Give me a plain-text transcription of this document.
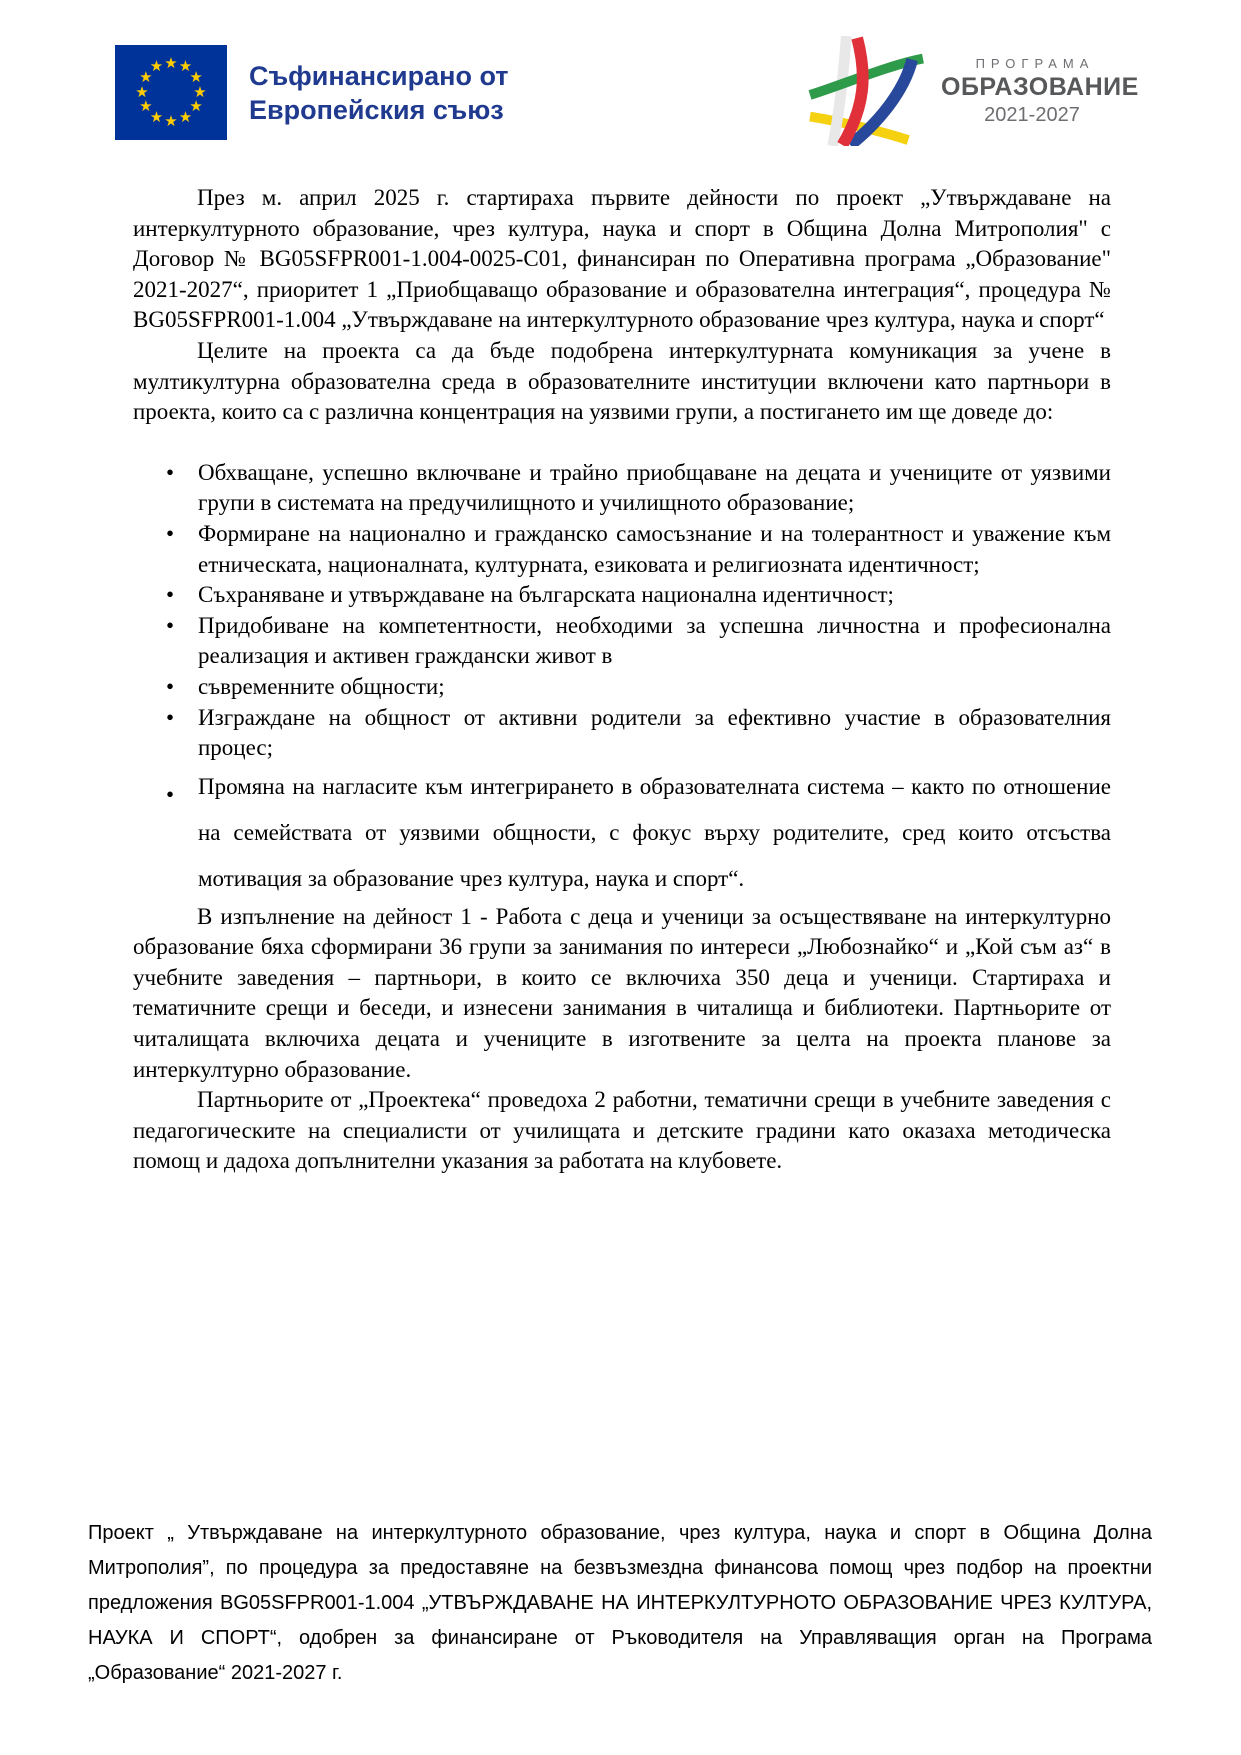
★ ★
★
★
★
★
★
★
★
★
★
★	Съфинансирано от
Европейския съюз
ПРОГРАМА
ОБРАЗОВАНИЕ
2021-2027

През м. април 2025 г. стартираха първите дейности по проект „Утвърждаване на интеркултурното образование, чрез култура, наука и спорт в Община Долна Митрополия" с Договор № BG05SFPR001-1.004-0025-C01, финансиран по Оперативна програма „Образование" 2021-2027“, приоритет 1 „Приобщаващо образование и образователна интеграция“, процедура № BG05SFPR001-1.004 „Утвърждаване на интеркултурното образование чрез култура, наука и спорт“

Целите на проекта са да бъде подобрена интеркултурната комуникация за учене в мултикултурна образователна среда в образователните институции включени като партньори в проекта, които са с различна концентрация на уязвими групи, а постигането им ще доведе до:

• Обхващане, успешно включване и трайно приобщаване на децата и учениците от уязвими групи в системата на предучилищното и училищното образование;
• Формиране на национално и гражданско самосъзнание и на толерантност и уважение към етническата, националната, културната, езиковата и религиозната идентичност;
• Съхраняване и утвърждаване на българската национална идентичност;
• Придобиване на компетентности, необходими за успешна личностна и професионална реализация и активен граждански живот в
• съвременните общности;
• Изграждане на общност от активни родители за ефективно участие в образователния процес;
• Промяна на нагласите към интегрирането в образователната система – както по отношение на семействата от уязвими общности, с фокус върху родителите, сред които отсъства мотивация за образование чрез култура, наука и спорт“.

В изпълнение на дейност 1 - Работа с деца и ученици за осъществяване на интеркултурно образование бяха сформирани 36 групи за занимания по интереси „Любознайко“ и „Кой съм аз“ в учебните заведения – партньори, в които се включиха 350 деца и ученици. Стартираха и тематичните срещи и беседи, и изнесени занимания в читалища и библиотеки. Партньорите от читалищата включиха децата и учениците в изготвените за целта на проекта планове за интеркултурно образование.

Партньорите от „Проектека“ проведоха 2 работни, тематични срещи в учебните заведения с педагогическите на специалисти от училищата и детските градини като оказаха методическа помощ и дадоха допълнителни указания за работата на клубовете.

Проект „ Утвърждаване на интеркултурното образование, чрез култура, наука и спорт в Община Долна Митрополия”, по процедура за предоставяне на безвъзмездна финансова помощ чрез подбор на проектни предложения BG05SFPR001-1.004 „УТВЪРЖДАВАНЕ НА ИНТЕРКУЛТУРНОТО ОБРАЗОВАНИЕ ЧРЕЗ КУЛТУРА, НАУКА И СПОРТ“, одобрен за финансиране от Ръководителя на Управляващия орган на Програма „Образование“ 2021-2027 г.
